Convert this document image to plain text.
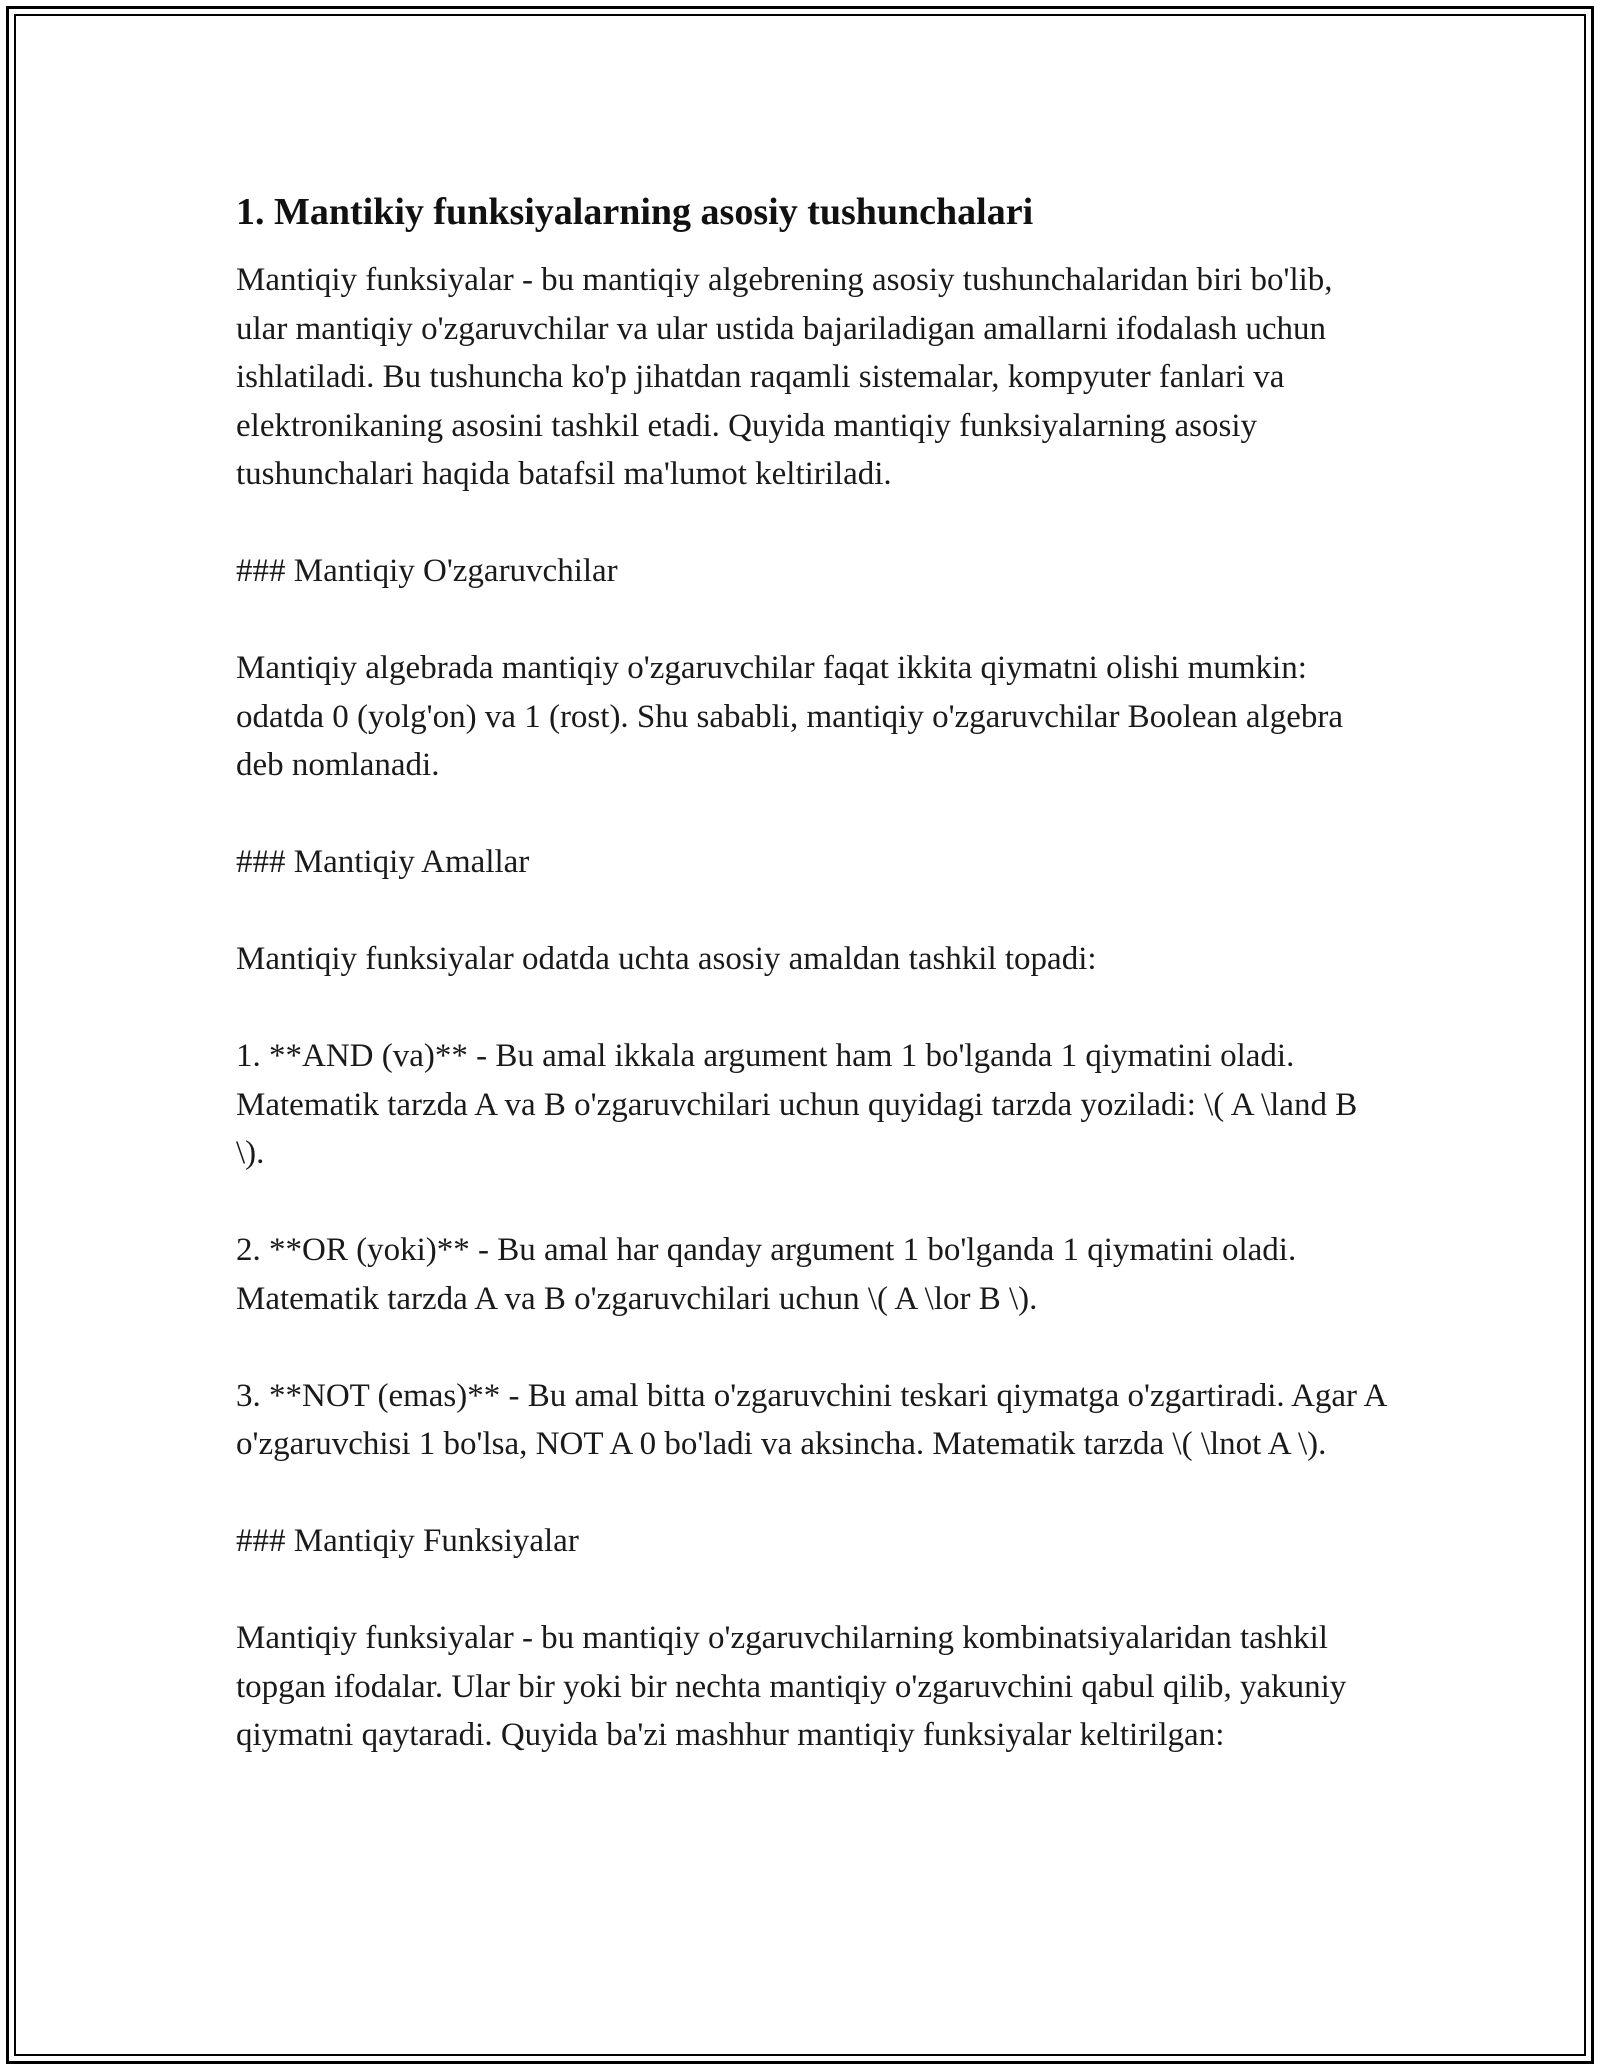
1. Mantikiy funksiyalarning asosiy tushunchalari

Mantiqiy funksiyalar - bu mantiqiy algebrening asosiy tushunchalaridan biri bo'lib, ular mantiqiy o'zgaruvchilar va ular ustida bajariladigan amallarni ifodalash uchun ishlatiladi. Bu tushuncha ko'p jihatdan raqamli sistemalar, kompyuter fanlari va elektronikaning asosini tashkil etadi. Quyida mantiqiy funksiyalarning asosiy tushunchalari haqida batafsil ma'lumot keltiriladi.

### Mantiqiy O'zgaruvchilar

Mantiqiy algebrada mantiqiy o'zgaruvchilar faqat ikkita qiymatni olishi mumkin: odatda 0 (yolg'on) va 1 (rost). Shu sababli, mantiqiy o'zgaruvchilar Boolean algebra deb nomlanadi.

### Mantiqiy Amallar

Mantiqiy funksiyalar odatda uchta asosiy amaldan tashkil topadi:

1. **AND (va)** - Bu amal ikkala argument ham 1 bo'lganda 1 qiymatini oladi. Matematik tarzda A va B o'zgaruvchilari uchun quyidagi tarzda yoziladi: \( A \land B \).

2. **OR (yoki)** - Bu amal har qanday argument 1 bo'lganda 1 qiymatini oladi. Matematik tarzda A va B o'zgaruvchilari uchun \( A \lor B \).

3. **NOT (emas)** - Bu amal bitta o'zgaruvchini teskari qiymatga o'zgartiradi. Agar A o'zgaruvchisi 1 bo'lsa, NOT A 0 bo'ladi va aksincha. Matematik tarzda \( \lnot A \).

### Mantiqiy Funksiyalar

Mantiqiy funksiyalar - bu mantiqiy o'zgaruvchilarning kombinatsiyalaridan tashkil topgan ifodalar. Ular bir yoki bir nechta mantiqiy o'zgaruvchini qabul qilib, yakuniy qiymatni qaytaradi. Quyida ba'zi mashhur mantiqiy funksiyalar keltirilgan:
